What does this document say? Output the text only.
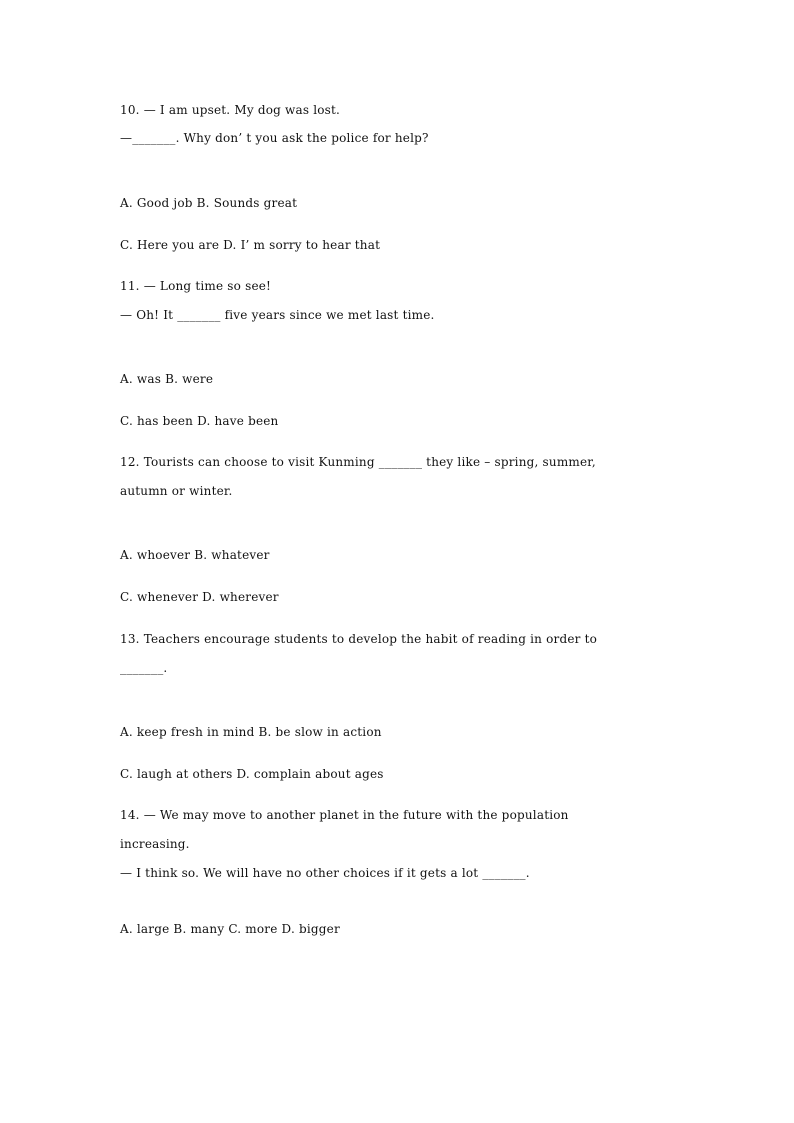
10. — I am upset. My dog was lost.
—_______. Why don’ t you ask the police for help?
A. Good job B. Sounds great
C. Here you are D. I’ m sorry to hear that
11. — Long time so see!
— Oh! It _______ five years since we met last time.
A. was B. were
C. has been D. have been
12. Tourists can choose to visit Kunming _______ they like – spring, summer,
autumn or winter.
A. whoever B. whatever
C. whenever D. wherever
13. Teachers encourage students to develop the habit of reading in order to
_______.
A. keep fresh in mind B. be slow in action
C. laugh at others D. complain about ages
14. — We may move to another planet in the future with the population
increasing.
— I think so. We will have no other choices if it gets a lot _______.
A. large B. many C. more D. bigger
